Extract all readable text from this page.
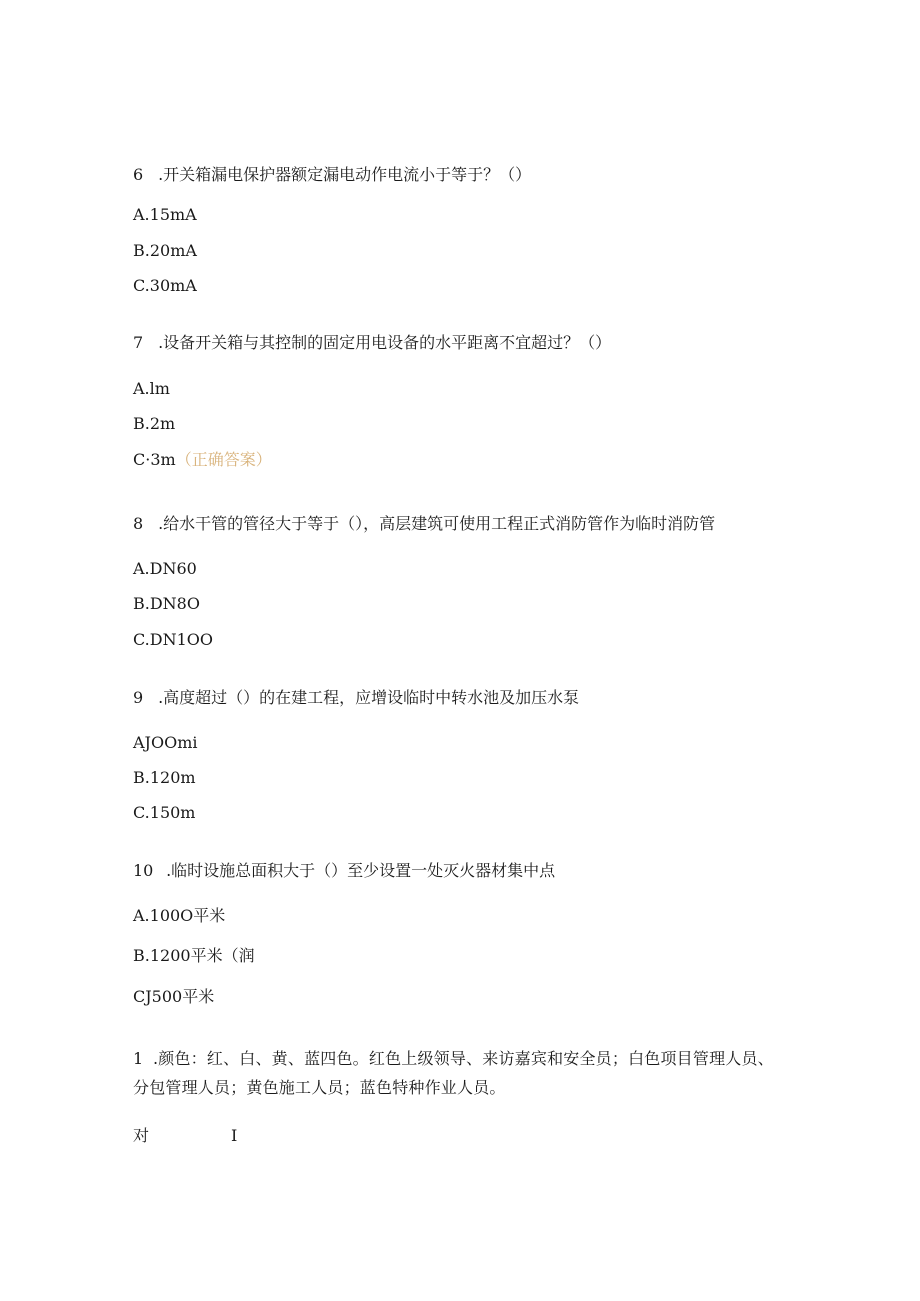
6 .开关箱漏电保护器额定漏电动作电流小于等于？（）
A.15mA
B.20mA
C.30mA
7 .设备开关箱与其控制的固定用电设备的水平距离不宜超过？（）
A.lm
B.2m
C·3m（正确答案）
8 .给水干管的管径大于等于（），高层建筑可使用工程正式消防管作为临时消防管
A.DN60
B.DN8O
C.DN1OO
9 .高度超过（）的在建工程，应增设临时中转水池及加压水泵
AJOOmi
B.120m
C.150m
10 .临时设施总面积大于（）至少设置一处灭火器材集中点
A.100O平米
B.1200平米（润
CJ500平米
1 .颜色：红、白、黄、蓝四色。红色上级领导、来访嘉宾和安全员；白色项目管理人员、分包管理人员；黄色施工人员；蓝色特种作业人员。
对	I
